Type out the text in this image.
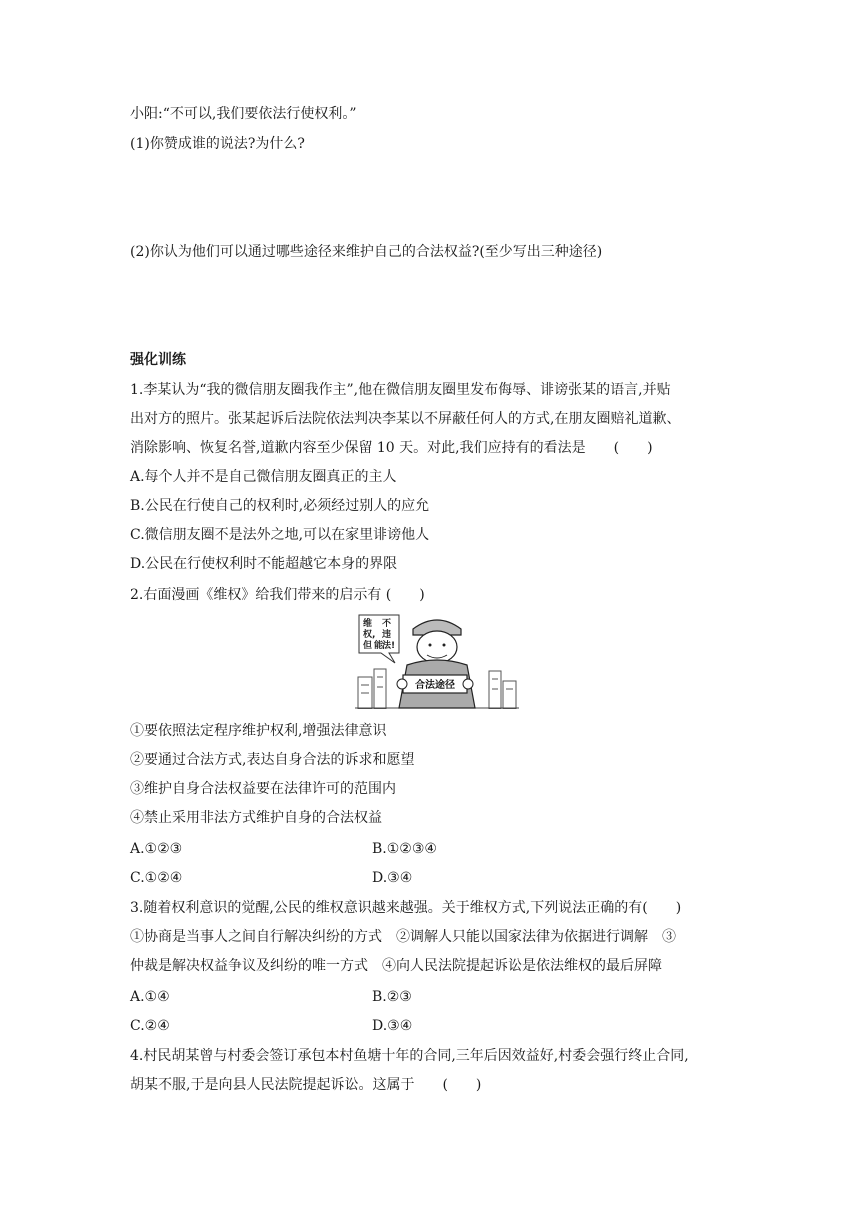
小阳:“不可以,我们要依法行使权利。”
(1)你赞成谁的说法?为什么?
(2)你认为他们可以通过哪些途径来维护自己的合法权益?(至少写出三种途径)
强化训练
1.李某认为“我的微信朋友圈我作主”,他在微信朋友圈里发布侮辱、诽谤张某的语言,并贴
出对方的照片。张某起诉后法院依法判决李某以不屏蔽任何人的方式,在朋友圈赔礼道歉、
消除影响、恢复名誉,道歉内容至少保留 10 天。对此,我们应持有的看法是　　(　　)
A.每个人并不是自己微信朋友圈真正的主人
B.公民在行使自己的权利时,必须经过别人的应允
C.微信朋友圈不是法外之地,可以在家里诽谤他人
D.公民在行使权利时不能超越它本身的界限
2.右面漫画《维权》给我们带来的启示有 (　　)
维
权,
不
违
但 能
法!
合法途径
①要依照法定程序维护权利,增强法律意识
②要通过合法方式,表达自身合法的诉求和愿望
③维护自身合法权益要在法律许可的范围内
④禁止采用非法方式维护自身的合法权益
A.①②③	B.①②③④
C.①②④	D.③④
3.随着权利意识的觉醒,公民的维权意识越来越强。关于维权方式,下列说法正确的有(　　)
①协商是当事人之间自行解决纠纷的方式　②调解人只能以国家法律为依据进行调解　③
仲裁是解决权益争议及纠纷的唯一方式　④向人民法院提起诉讼是依法维权的最后屏障
A.①④	B.②③
C.②④	D.③④
4.村民胡某曾与村委会签订承包本村鱼塘十年的合同,三年后因效益好,村委会强行终止合同,
胡某不服,于是向县人民法院提起诉讼。这属于　　(　　)
